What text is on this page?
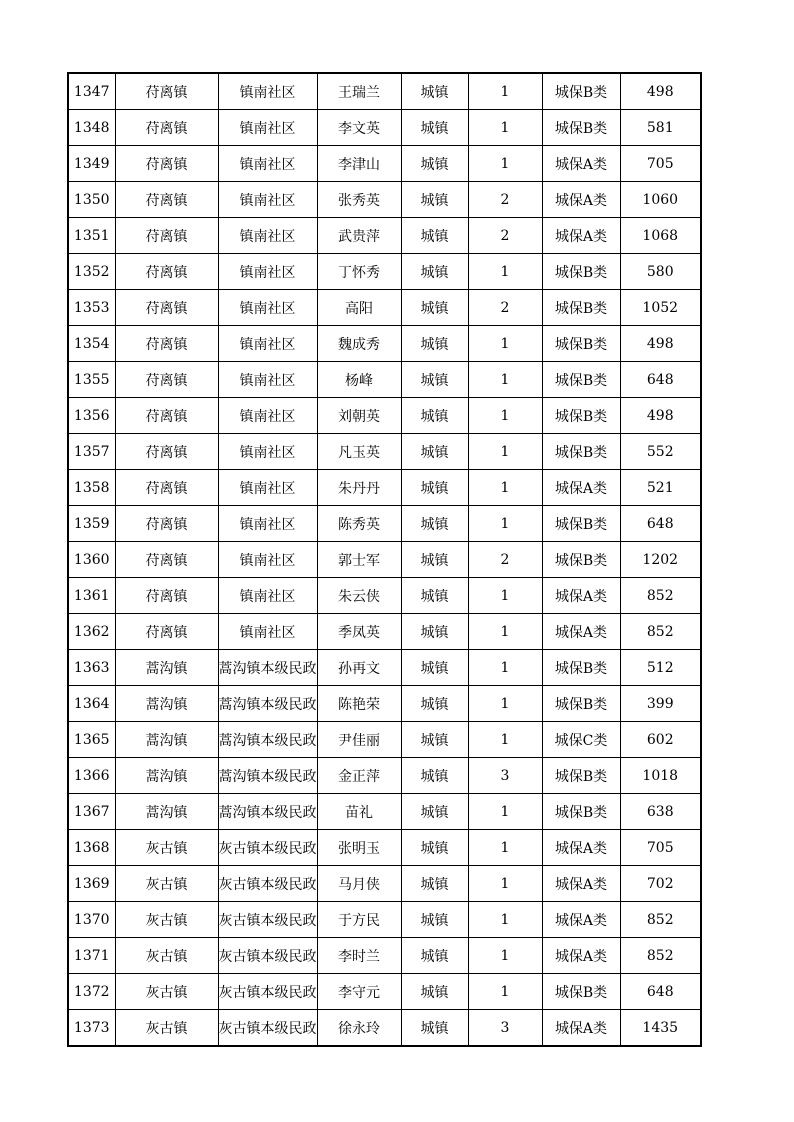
1347	苻离镇	镇南社区	王瑞兰	城镇	1	城保B类	498
1348	苻离镇	镇南社区	李文英	城镇	1	城保B类	581
1349	苻离镇	镇南社区	李津山	城镇	1	城保A类	705
1350	苻离镇	镇南社区	张秀英	城镇	2	城保A类	1060
1351	苻离镇	镇南社区	武贵萍	城镇	2	城保A类	1068
1352	苻离镇	镇南社区	丁怀秀	城镇	1	城保B类	580
1353	苻离镇	镇南社区	高阳	城镇	2	城保B类	1052
1354	苻离镇	镇南社区	魏成秀	城镇	1	城保B类	498
1355	苻离镇	镇南社区	杨峰	城镇	1	城保B类	648
1356	苻离镇	镇南社区	刘朝英	城镇	1	城保B类	498
1357	苻离镇	镇南社区	凡玉英	城镇	1	城保B类	552
1358	苻离镇	镇南社区	朱丹丹	城镇	1	城保A类	521
1359	苻离镇	镇南社区	陈秀英	城镇	1	城保B类	648
1360	苻离镇	镇南社区	郭士军	城镇	2	城保B类	1202
1361	苻离镇	镇南社区	朱云侠	城镇	1	城保A类	852
1362	苻离镇	镇南社区	季凤英	城镇	1	城保A类	852
1363	蒿沟镇	蒿沟镇本级民政	孙再文	城镇	1	城保B类	512
1364	蒿沟镇	蒿沟镇本级民政	陈艳荣	城镇	1	城保B类	399
1365	蒿沟镇	蒿沟镇本级民政	尹佳丽	城镇	1	城保C类	602
1366	蒿沟镇	蒿沟镇本级民政	金正萍	城镇	3	城保B类	1018
1367	蒿沟镇	蒿沟镇本级民政	苗礼	城镇	1	城保B类	638
1368	灰古镇	灰古镇本级民政	张明玉	城镇	1	城保A类	705
1369	灰古镇	灰古镇本级民政	马月侠	城镇	1	城保A类	702
1370	灰古镇	灰古镇本级民政	于方民	城镇	1	城保A类	852
1371	灰古镇	灰古镇本级民政	李时兰	城镇	1	城保A类	852
1372	灰古镇	灰古镇本级民政	李守元	城镇	1	城保B类	648
1373	灰古镇	灰古镇本级民政	徐永玲	城镇	3	城保A类	1435
